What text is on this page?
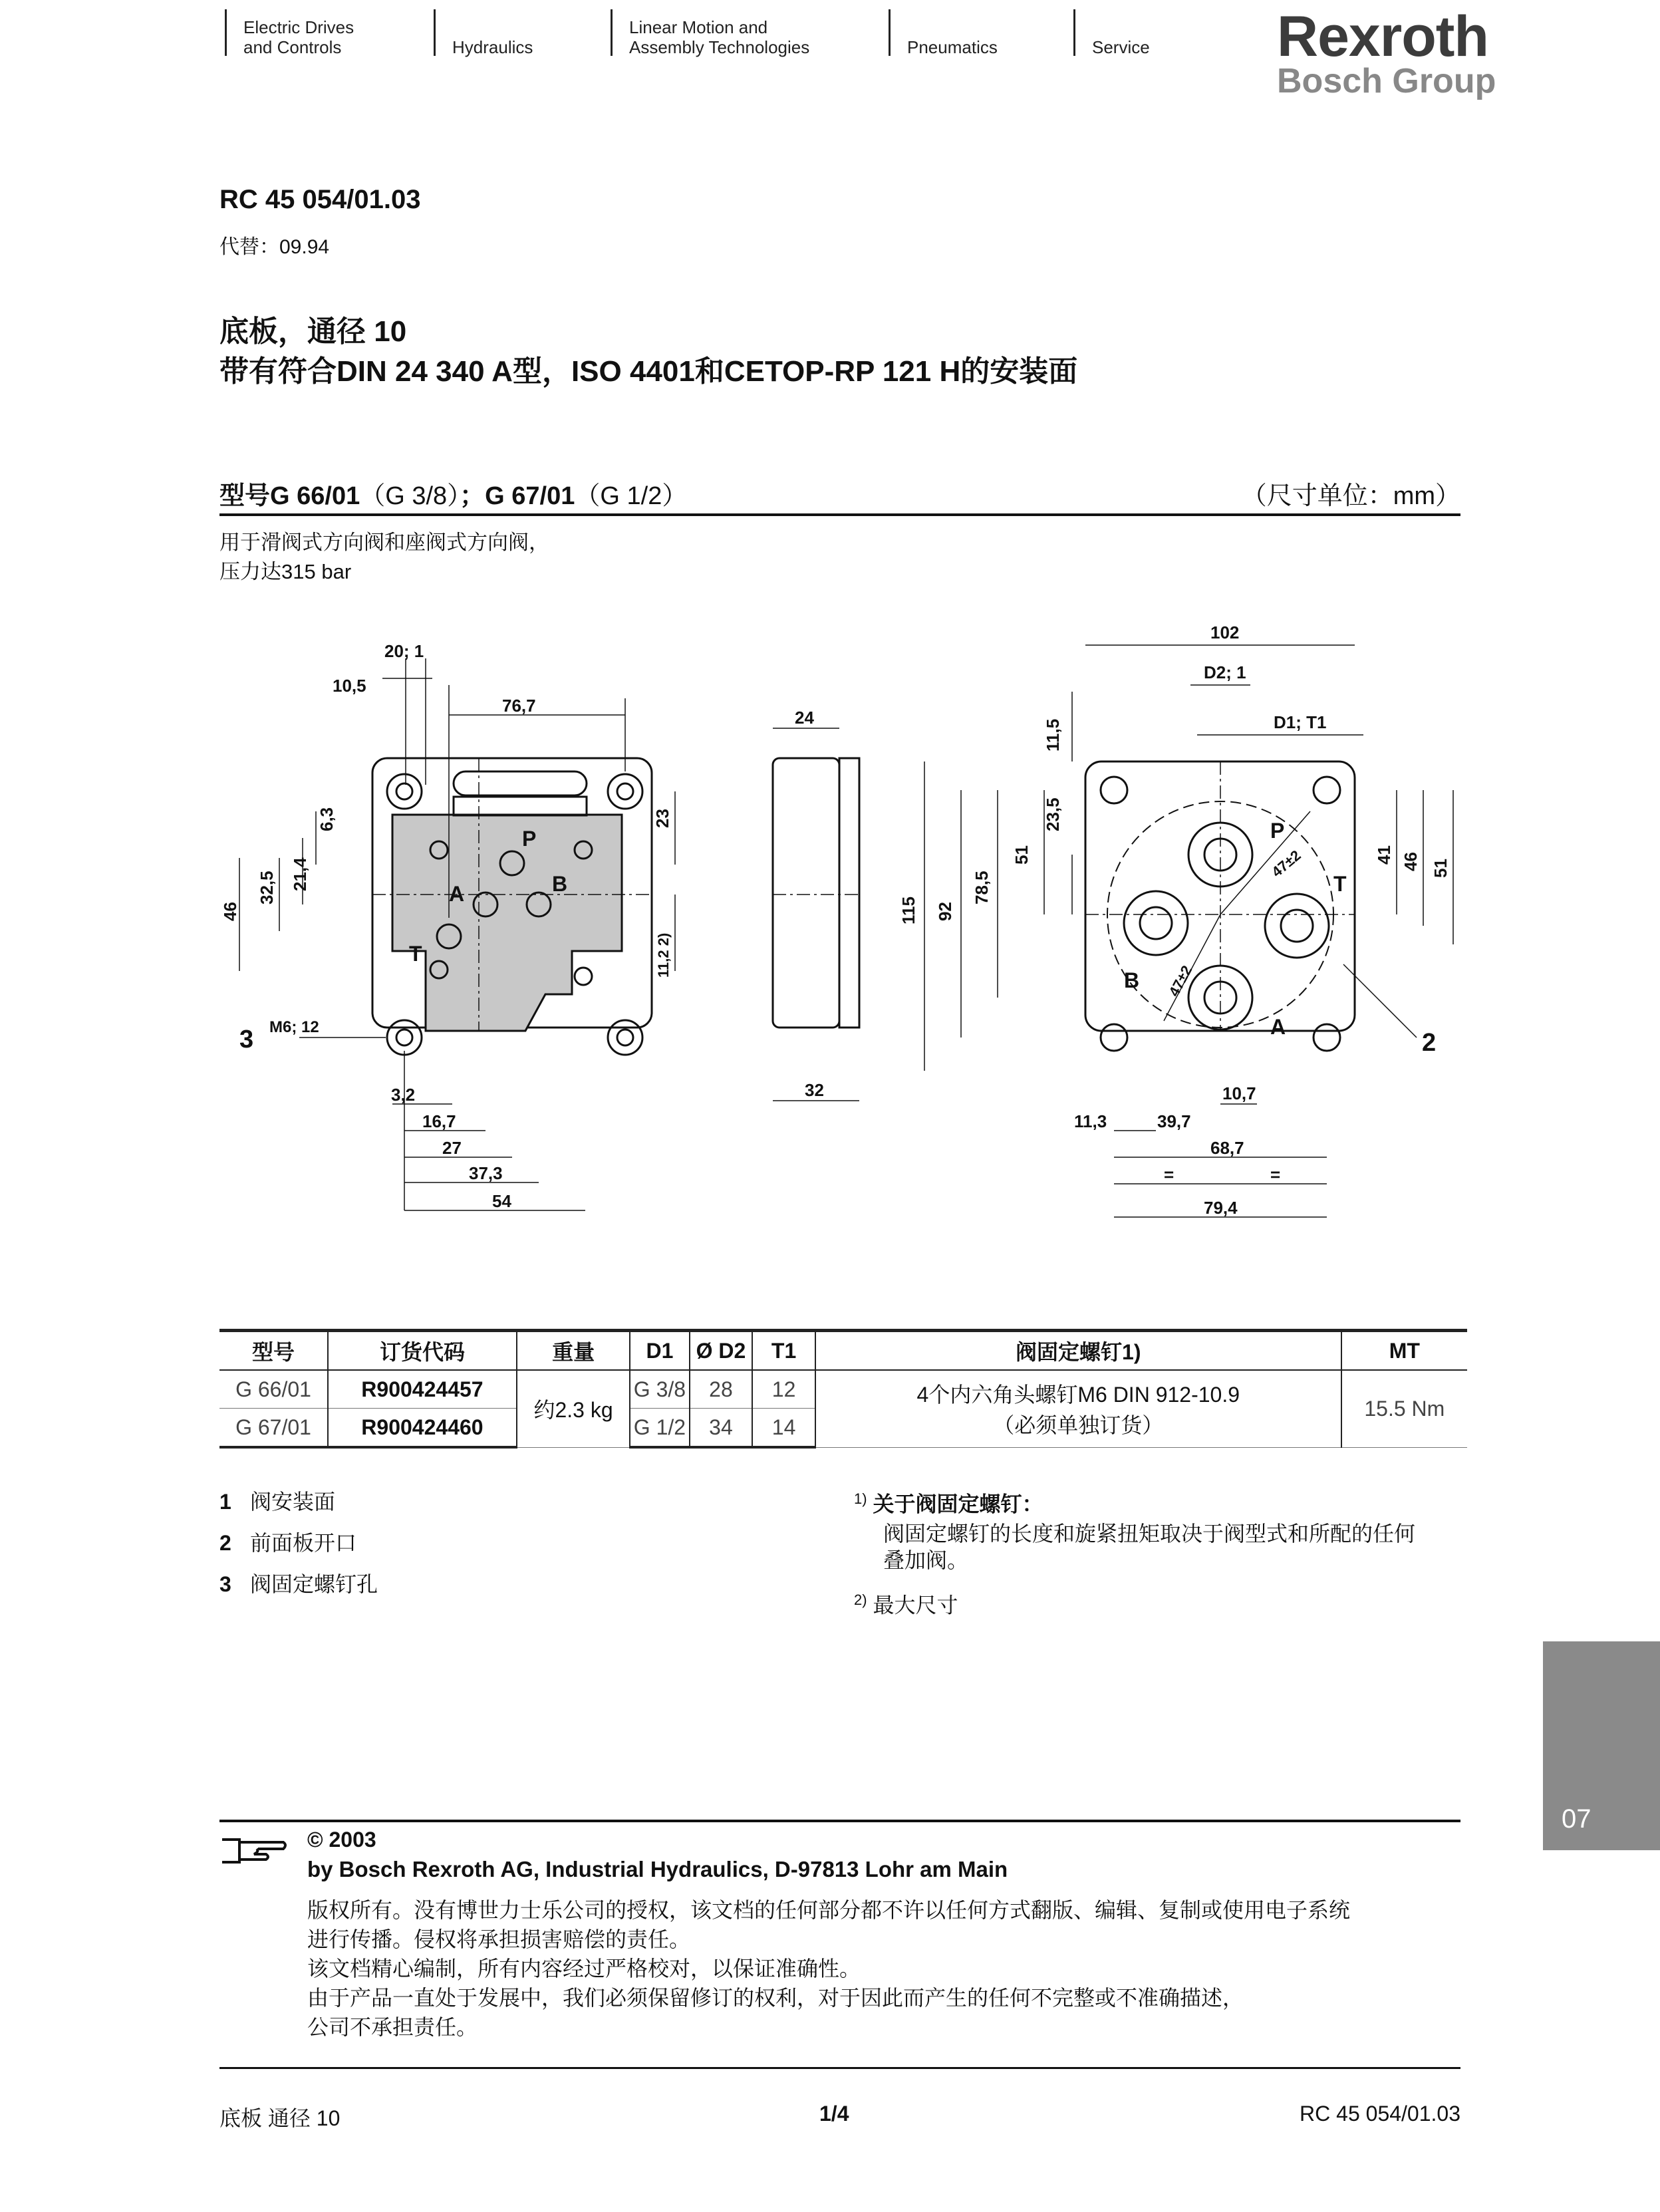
Electric Drives
and Controls	Hydraulics
Linear Motion and
Assembly Technologies	Pneumatics	Service Rexroth
Bosch Group
RC 45 054/01.03
代替：09.94
底板，通径 10
带有符合DIN 24 340 A型，ISO 4401和CETOP-RP 121 H的安装面
型号G 66/01（G 3/8）；G 67/01（G 1/2）	（尺寸单位：mm）
用于滑阀式方向阀和座阀式方向阀，
压力达315 bar
20; 1
10,5
76,7
6,3
21,4
32,5
46
23
11,2 2)
M6; 12
3,2
16,7
27
37,3
54
P
A	B
T
3
24
32
102
D2; 1
D1; T1
11,5
23,5
51
78,5
92
115
41 46 51
47±2
47±2
10,7
11,3	39,7
68,7
=	=
79,4
P
T
B
A
2
型号	订货代码	重量	D1	Ø D2	T1	阀固定螺钉1)	MT
G 66/01	R900424457	约2.3 kg	G 3/8	28	12	4个内六角头螺钉M6 DIN 912-10.9
（必须单独订货）	15.5 Nm
G 67/01	R900424460		G 1/2	34	14		
1 阀安装面
2 前面板开口
3 阀固定螺钉孔
$^{1)}$ 关于阀固定螺钉：
阀固定螺钉的长度和旋紧扭矩取决于阀型式和所配的任何
叠加阀。
$^{2)}$ 最大尺寸
07
© 2003
by Bosch Rexroth AG, Industrial Hydraulics, D-97813 Lohr am Main
版权所有。没有博世力士乐公司的授权，该文档的任何部分都不许以任何方式翻版、编辑、复制或使用电子系统
进行传播。侵权将承担损害赔偿的责任。
该文档精心编制，所有内容经过严格校对，以保证准确性。
由于产品一直处于发展中，我们必须保留修订的权利，对于因此而产生的任何不完整或不准确描述，
公司不承担责任。
底板 通径 10	1/4	RC 45 054/01.03
